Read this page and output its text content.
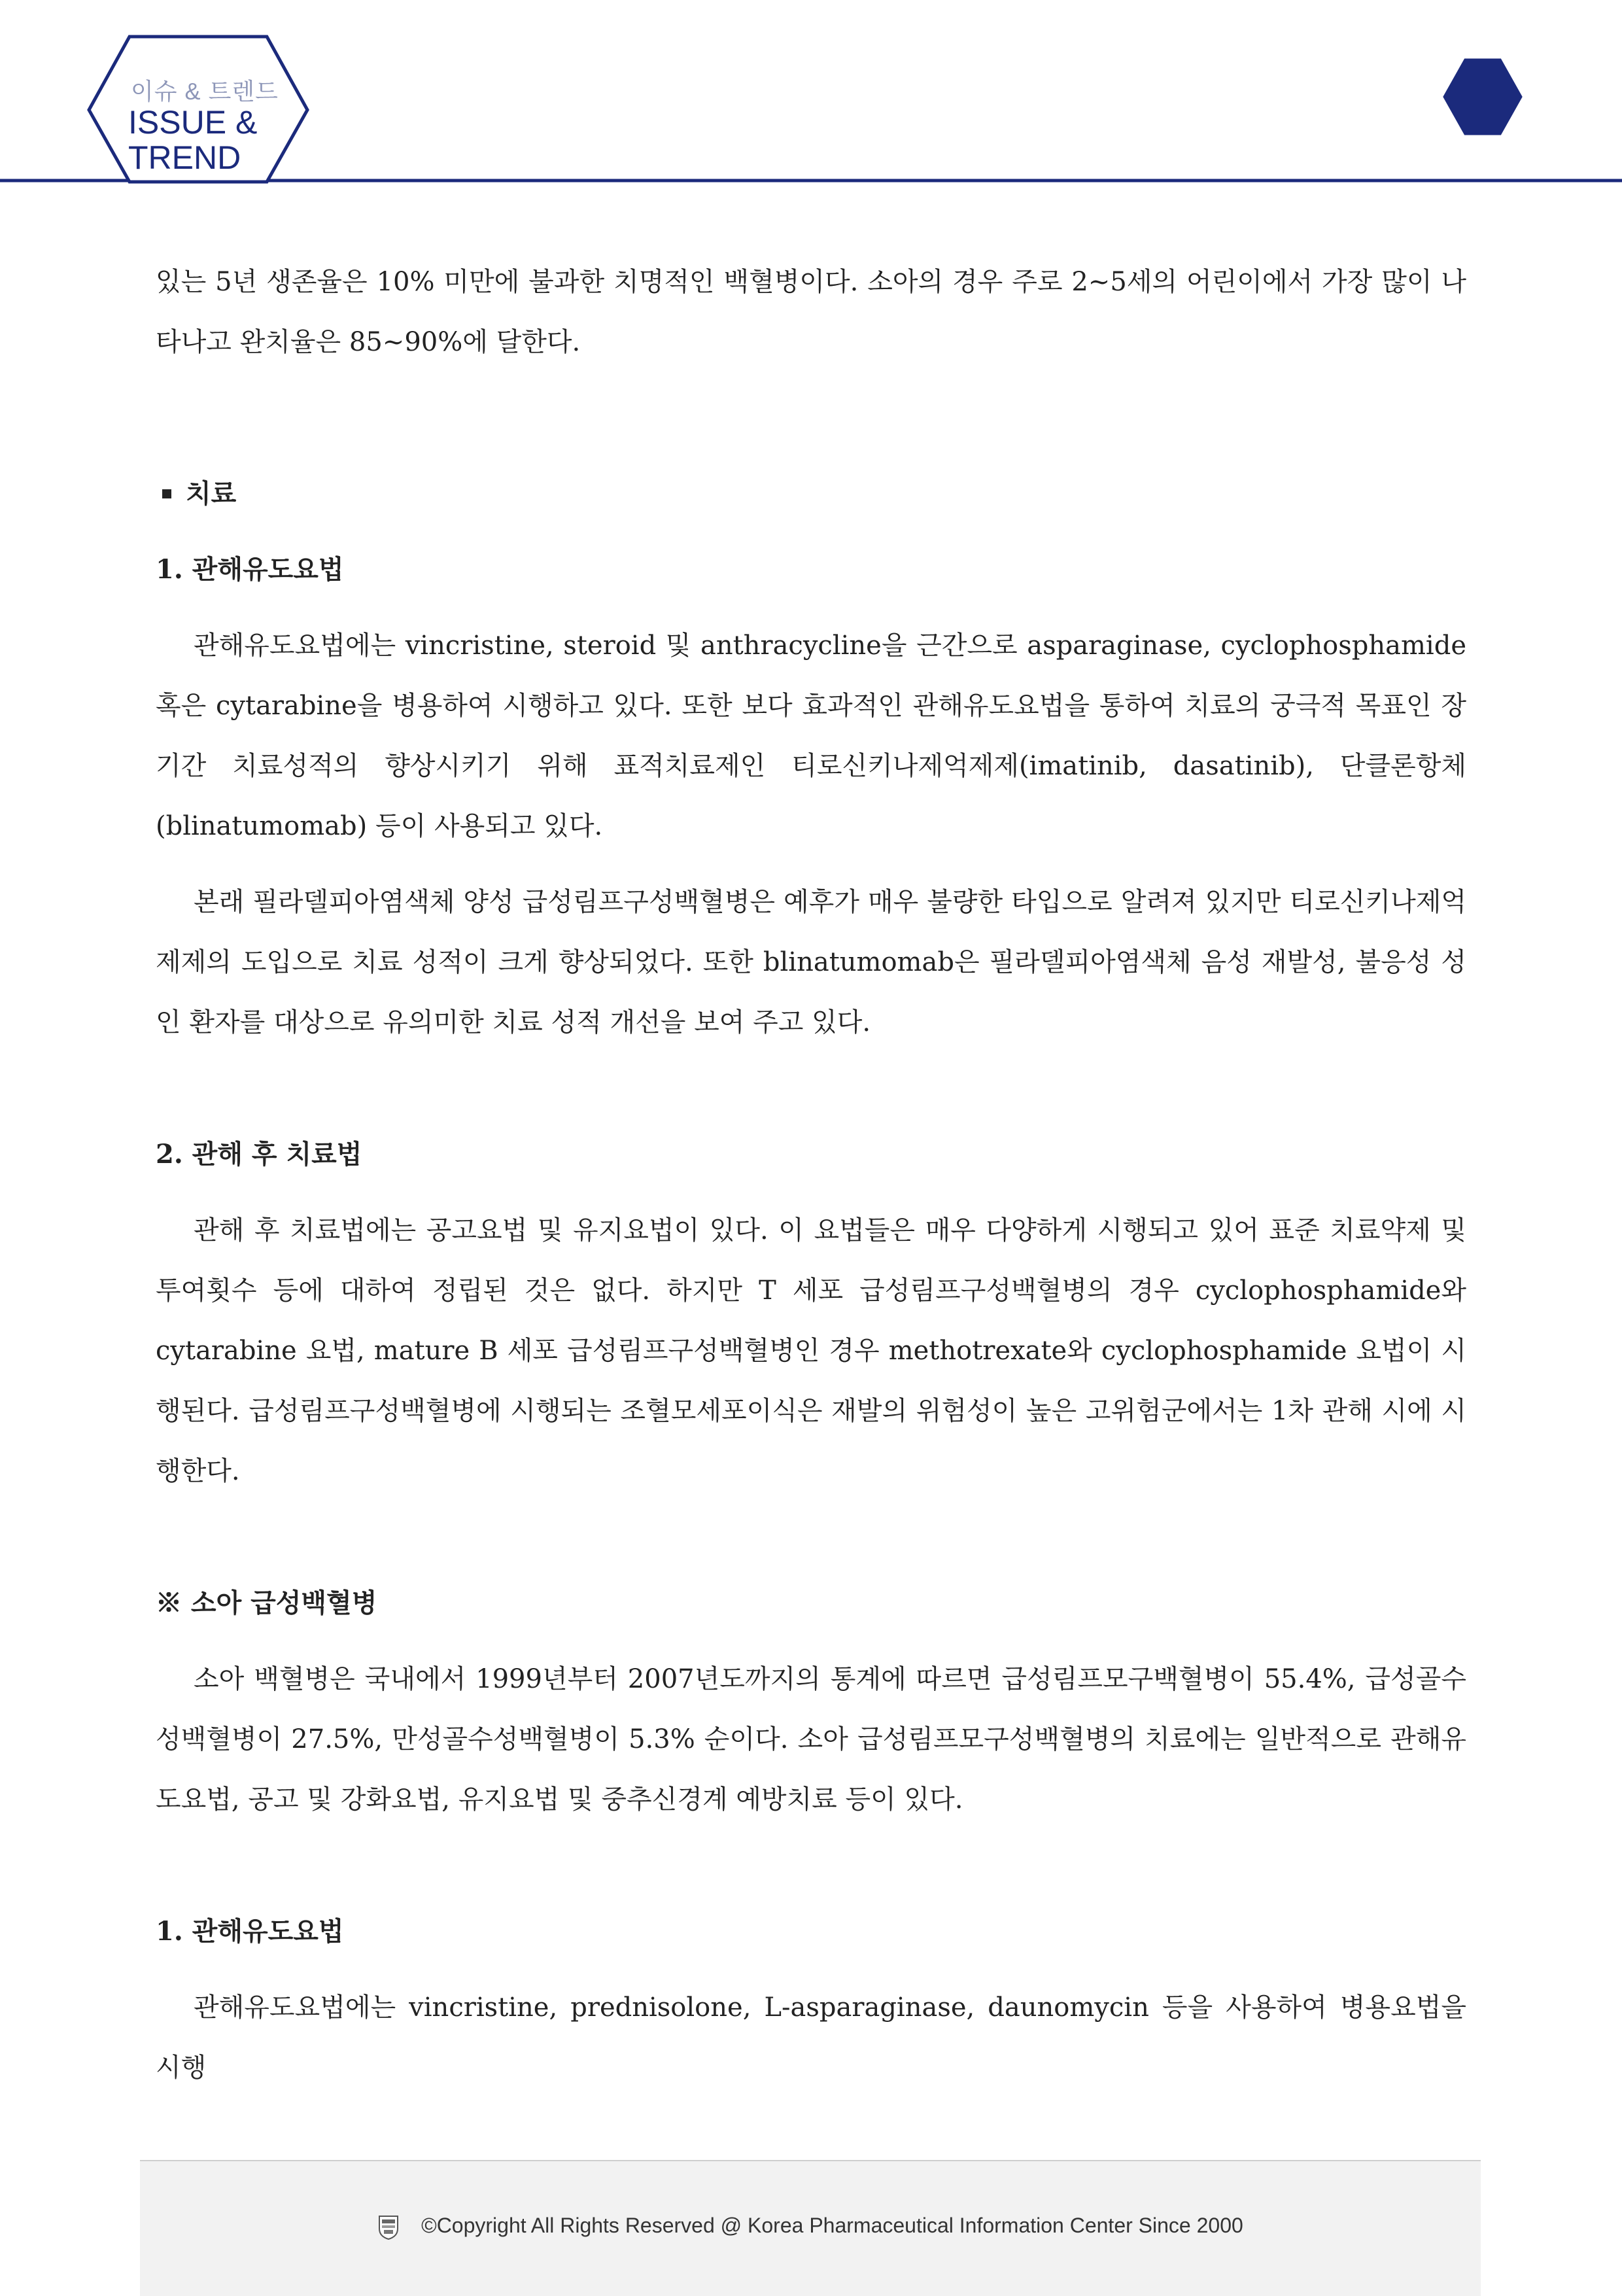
이슈 & 트렌드
ISSUE &
TREND

있는 5년 생존율은 10% 미만에 불과한 치명적인 백혈병이다. 소아의 경우 주로 2~5세의 어린이에서 가장 많이 나타나고 완치율은 85~90%에 달한다.

치료

1. 관해유도요법

관해유도요법에는 vincristine, steroid 및 anthracycline을 근간으로 asparaginase, cyclophosphamide 혹은 cytarabine을 병용하여 시행하고 있다. 또한 보다 효과적인 관해유도요법을 통하여 치료의 궁극적 목표인 장기간 치료성적의 향상시키기 위해 표적치료제인 티로신키나제억제제(imatinib, dasatinib), 단클론항체 (blinatumomab) 등이 사용되고 있다.

본래 필라델피아염색체 양성 급성림프구성백혈병은 예후가 매우 불량한 타입으로 알려져 있지만 티로신키나제억제제의 도입으로 치료 성적이 크게 향상되었다. 또한 blinatumomab은 필라델피아염색체 음성 재발성, 불응성 성인 환자를 대상으로 유의미한 치료 성적 개선을 보여 주고 있다.

2. 관해 후 치료법

관해 후 치료법에는 공고요법 및 유지요법이 있다. 이 요법들은 매우 다양하게 시행되고 있어 표준 치료약제 및 투여횟수 등에 대하여 정립된 것은 없다. 하지만 T 세포 급성림프구성백혈병의 경우 cyclophosphamide와 cytarabine 요법, mature B 세포 급성림프구성백혈병인 경우 methotrexate와 cyclophosphamide 요법이 시행된다. 급성림프구성백혈병에 시행되는 조혈모세포이식은 재발의 위험성이 높은 고위험군에서는 1차 관해 시에 시행한다.

※ 소아 급성백혈병

소아 백혈병은 국내에서 1999년부터 2007년도까지의 통계에 따르면 급성림프모구백혈병이 55.4%, 급성골수성백혈병이 27.5%, 만성골수성백혈병이 5.3% 순이다. 소아 급성림프모구성백혈병의 치료에는 일반적으로 관해유도요법, 공고 및 강화요법, 유지요법 및 중추신경계 예방치료 등이 있다.

1. 관해유도요법

관해유도요법에는 vincristine, prednisolone, L-asparaginase, daunomycin 등을 사용하여 병용요법을 시행

©Copyright All Rights Reserved @ Korea Pharmaceutical Information Center Since 2000
